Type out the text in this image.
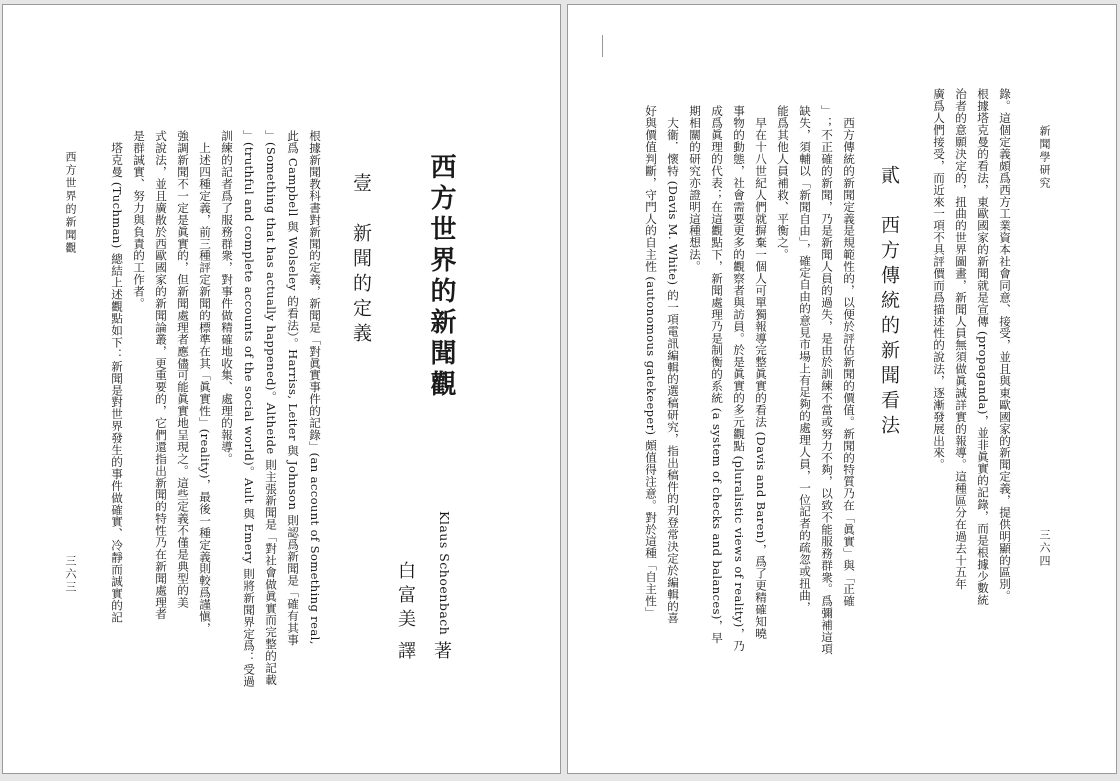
西方世界的新聞觀
Klaus Schoenbach
著
白富美
譯
壹　新聞的定義
根據新聞教科書對新聞的定義，新聞是「對眞實事件的記錄」(an account of Something real,
此爲 Campbell 與 Wolseley 的看法）。Harriss, Leiter 與 Johnson 則認爲新聞是「確有其事
」(Something that has actually happened)。Altheide 則主張新聞是「對社會做眞實而完整的記載
」(truthful and complete accounts of the social world)。Ault 與 Emery 則將新聞界定爲：受過
訓練的記者爲了服務群衆，對事件做精確地收集、處理的報導。
　上述四種定義，前三種評定新聞的標準在其「眞實性」(reality)，最後一種定義則較爲謹愼，
強調新聞不一定是眞實的，但新聞處理者應儘可能眞實地呈現之。這些定義不僅是典型的美
式說法，並且廣散於西歐國家的新聞論叢，更重要的，它們還指出新聞的特性乃在新聞處理者
是群誠實、努力與負責的工作者。
　塔克曼 (Tuchman) 總結上述觀點如下：新聞是對世界發生的事件做確實、冷靜而誠實的記
西方世界的新聞觀
三六三
新聞學研究
三六四
錄。這個定義頗爲西方工業資本社會同意、接受，並且與東歐國家的新聞定義，提供明顯的區別。
根據塔克曼的看法，東歐國家的新聞就是宣傳 (propaganda)，並非眞實的記錄，而是根據少數統
治者的意願決定的，扭曲的世界圖畫，新聞人員無須做眞誠詳實的報導。這種區分在過去十五年
廣爲人們接受，而近來一項不具評價而爲描述性的說法，逐漸發展出來。
貳　西方傳統的新聞看法
　西方傳統的新聞定義是規範性的，以便於評估新聞的價值。新聞的特質乃在「眞實」與「正確
」；不正確的新聞，乃是新聞人員的過失，是由於訓練不當或努力不夠，以致不能服務群衆。爲彌補這項
缺失，須輔以「新聞自由」，確定自由的意見市場上有足夠的處理人員，一位記者的疏忽或扭曲，
能爲其他人員補救、平衡之。
　早在十八世紀人們就摒棄一個人可單獨報導完整眞實的看法 (Davis and Baren)，爲了更精確知曉
事物的動態，社會需要更多的觀察者與訪員。於是眞實的多元觀點 (pluralistic views of reality)，乃
成爲眞理的代表；在這觀點下，新聞處理乃是制衡的系統 (a system of checks and balances)，早
期相關的研究亦證明這種想法。
　大衞．懷特 (Davis M. White) 的一項電訊編輯的選稿研究，指出稿件的刋登常決定於編輯的喜
好與價值判斷，守門人的自主性 (autonomous gatekeeper) 頗值得注意。對於這種「自主性」
